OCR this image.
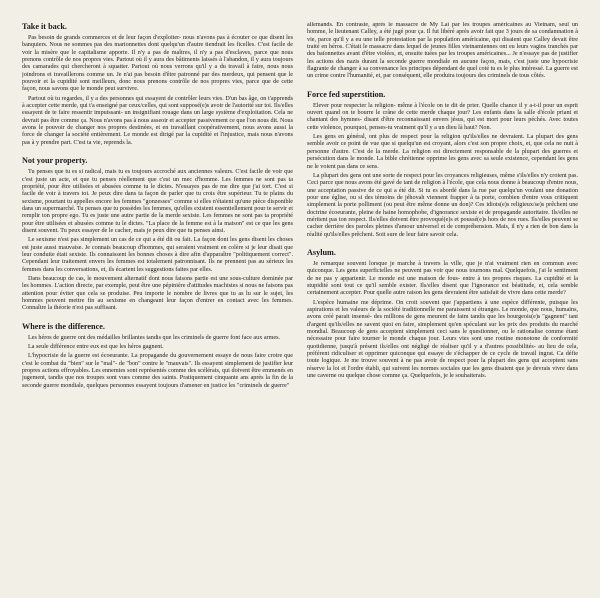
Take it back.

Pas besoin de grands commerces et de leur façon d'exploiter- nous n'avons pas à écouter ce que disent les banquiers. Nous ne sommes pas des marionnettes dont quelqu'un d'autre tiendrait les ficelles. C'est facile de voir la misère que le capitalisme apporte. Il n'y a pas de maîtres, il n'y a pas d'esclaves, parce que nous prenons contrôle de nos propres vies. Partout où il y aura des bâtiments laissés à l'abandon, il y aura toujours des camarades qui chercheront à squatter. Partout où nous verrons qu'il y a du travail à faire, nous nous joindrons et travaillerons comme un. Je n'ai pas besoin d'être patronné par des merdeux, qui pensent que le pouvoir et la cupidité sont meilleurs, donc nous prenons contrôle de nos propres vies, parce que de cette façon, nous savons que le monde peut survivre.

Partout où tu regardes, il y a des personnes qui essayent de contrôler leurs vies. D'un bas âge, on t'apprends à accepter cette merde, qui t'a enseigné par ceux/celles, qui sont supposé(e)s avoir de l'autorité sur toi. Ils/elles essayent de te faire ressentir impuissant- un insignifiant rouage dans un large système d'exploitation. Cela ne devrait pas être comme ça. Nous n'avons pas à nous asseoir et accepter passivement ce que l'on nous dit. Nous avons le pouvoir de changer nos propres destinées, et en travaillant coopérativement, nous avons aussi la force de changer la société entièrement. Le monde est dirigé par la cupidité et l'injustice, mais nous n'avons pas à y prendre part. C'est ta vie, reprends la.

Not your property.

Tu penses que tu es si radical, mais tu es toujours accroché aux anciennes valeurs. C'est facile de voir que c'est juste un acte, et que tu penses réellement que c'est un mec d'homme. Les femmes ne sont pas ta propriété, pour être utilisées et abusées comme tu le dictes. N'essayes pas de me dire que j'ai tort. C'est si facile de voir à travers toi. Je peux dire dans ta façon de parler que tu crois être supérieur. Tu te plains du sexisme, pourtant tu appelles encore les femmes "gonzesses" comme si elles n'étaient qu'une pièce disponible dans un supermarché. Tu penses que tu possèdes les femmes, qu'elles existent essentiellement pour te servir et remplir ton propre ego. Tu es juste une autre partie de la merde sexiste. Les femmes ne sont pas ta propriété pour être utilisées et abusées comme tu le dictes. "La place de la femme est à la maison" est ce que les gens disent souvent. Tu peux essayer de le cacher, mais je peux dire que tu penses ainsi.

Le sexisme n'est pas simplement un cas de ce qui a été dit ou fait. La façon dont les gens disent les choses est juste aussi mauvaise. Je connais beaucoup d'hommes, qui seraient vraiment en colère si je leur disait que leur conduite était sexiste. Ils connaissent les bonnes choses à dire afin d'apparaître "politiquement correct". Cependant leur traitement envers les femmes est totalement patronnisant. Ils ne prennent pas au sérieux les femmes dans les conversations, et, ils écartent les suggestions faites par elles.

Dans beaucoup de cas, le mouvement alternatif dont nous faisons partie est une sous-culture dominée par les hommes. L'action directe, par exemple, peut être une pépinière d'attitudes machistes si nous ne faisons pas attention pour éviter que cela se produise. Peu importe le nombre de livres que tu as lu sur le sujet, les hommes peuvent mettre fin au sexisme en changeant leur façon d'entrer en contact avec les femmes. Connaître la théorie n'est pas suffisant.

Where is the difference.

Les héros de guerre ont des médailles brillantes tandis que les criminels de guerre font face aux armes.

La seule différence entre eux est que les héros gagnent.

L'hypocrisie de la guerre est écoeurante. La propagande du gouvernement essaye de nous faire croire que c'est le combat du "bien" sur le "mal"- de "bon" contre le "mauvais". Ils essayent simplement de justifier leur propres actions effroyables. Les ennemies sont représentés comme des scélérats, qui doivent être emmenés en jugement, tandis que nos troupes sont vues comme des saints. Pratiquement cinquante ans après la fin de la seconde guerre mondiale, quelques personnes essayent toujours d'amener en justice les "criminels de guerre"

allemands. En contraste, après le massacre de My Lai par les troupes américaines au Vietnam, seul un homme, le lieutenant Calley, a été jugé pour ça. Il fut libéré après avoir fait que 3 jours de sa condamnation à vie, parce qu'il y a eu une telle protestation par la population américaine, qui disaient que Calley devait être traité en héros. C'était le massacre dans lequel de jeunes filles vietnamiennes ont eu leurs vagins tranchés par des baïonnettes avant d'être violées, et, ensuite tuées par les troupes américaines... Je n'essaye pas de justifier les actions des nazis durant la seconde guerre mondiale en aucune façon, mais, c'est juste une hypocrisie flagrante de changer à sa convenance les principes dépendant de quel coté tu es le plus intéressé. La guerre est un crime contre l'humanité, et, par conséquent, elle produira toujours des criminels de tous côtés.

Force fed superstition.

Elever pour respecter la religion- même à l'école on te dit de prier. Quelle chance il y a-t-il pour un esprit ouvert quand on te bourre le crâne de cette merde chaque jour? Les enfants dans la salle d'école priant et chantant des hymnes- disant d'être reconnaissant envers jésus, qui est mort pour leurs péchés. Avec toutes cette violence, pourquoi, penses-tu vraiment qu'il y a un dieu là haut? Non.

Les gens en général, ont plus de respect pour la religion qu'ils/elles ne devraient. La plupart des gens semble avoir ce point de vue que si quelqu'un est croyant, alors c'est son propre choix, et, que cela ne nuit à personne d'autre. C'est de la merde. La religion est directement responsable de la plupart des guerres et persécution dans le monde. La bible chrétienne opprime les gens avec sa seule existence, cependant les gens ne le voient pas dans ce sens.

La plupart des gens ont une sorte de respect pour les croyances religieuses, même s'ils/elles n'y croient pas. Ceci parce que nous avons été gavé de tant de religion à l'école, que cela nous donne à beaucoup d'entre nous, une acceptation passive de ce qui a été dit. Si tu es abordé dans la rue par quelqu'un voulant une donation pour une église, ou si des témoins de jéhovah viennent frapper à ta porte, combien d'entre vous critiquent simplement la porte polliment (ou peut être même donne un don)? Ces idiots(e)s religieux/se)s prêchent une doctrine écoeurante, pleine de haine homophobe, d'ignorance sexiste et de propagande autoritaire. Ils/elles ne méritent pas ton respect. Ils/elles doivent être provoqué(e)s et poussé(e)s hors de nos rues. Ils/elles peuvent se cacher derrière des paroles pleines d'amour universel et de compréhension. Mais, il n'y a rien de bon dans la réalité qu'ils/elles prêchent. Soit sure de leur faire savoir cela.

Asylum.

Je remarque souvent lorsque je marche à travers la ville, que je n'ai vraiment rien en commun avec quiconque. Les gens superficielles ne peuvent pas voir que nous tournons mal. Quelquefois, j'ai le sentiment de ne pas y appartenir. Le monde est une maison de fous- entre à tes propres risques. La cupidité et la stupidité sont tout ce qu'il semble exister. Ils/elles disent que l'ignorance est béatitude, et, cela semble certainement accepter. Pour quelle autre raison les gens devraient être satisfait de vivre dans cette merde?

L'espèce humaine me déprime. On croit souvent que j'appartiens à une espèce différente, puisque les aspirations et les valeurs de la société traditionnelle me paraissent si étranges. Le monde, que nous, humains, avons créé parait insensé- des millions de gens meurent de faim tandis que les bourgeois(e)s "gagnent" tant d'argent qu'ils/elles ne savent quoi en faire, simplement qu'en spéculant sur les prix des produits du marché mondial. Beaucoup de gens acceptent simplement ceci sans le questionner, ou le rationalise comme étant nécessaire pour faire tourner le monde chaque jour. Leurs vies sont une routine monotone de conformité quotidienne, jusqu'à présent ils/elles ont négligé de réaliser qu'il y a d'autres possibilités- au lieu de cela, préférent ridiculiser et opprimer quiconque qui essaye de s'échapper de ce cycle de travail ingrat. Ca défie toute logique. Je me trouve souvent à ne pas avoir de respect pour la plupart des gens qui acceptent sans réserve la loi et l'ordre établi, qui suivent les normes sociales que les gens disaient que je devrais vivre dans une caverne ou quelque chose comme ça. Quelquefois, je le souhaiterais.
